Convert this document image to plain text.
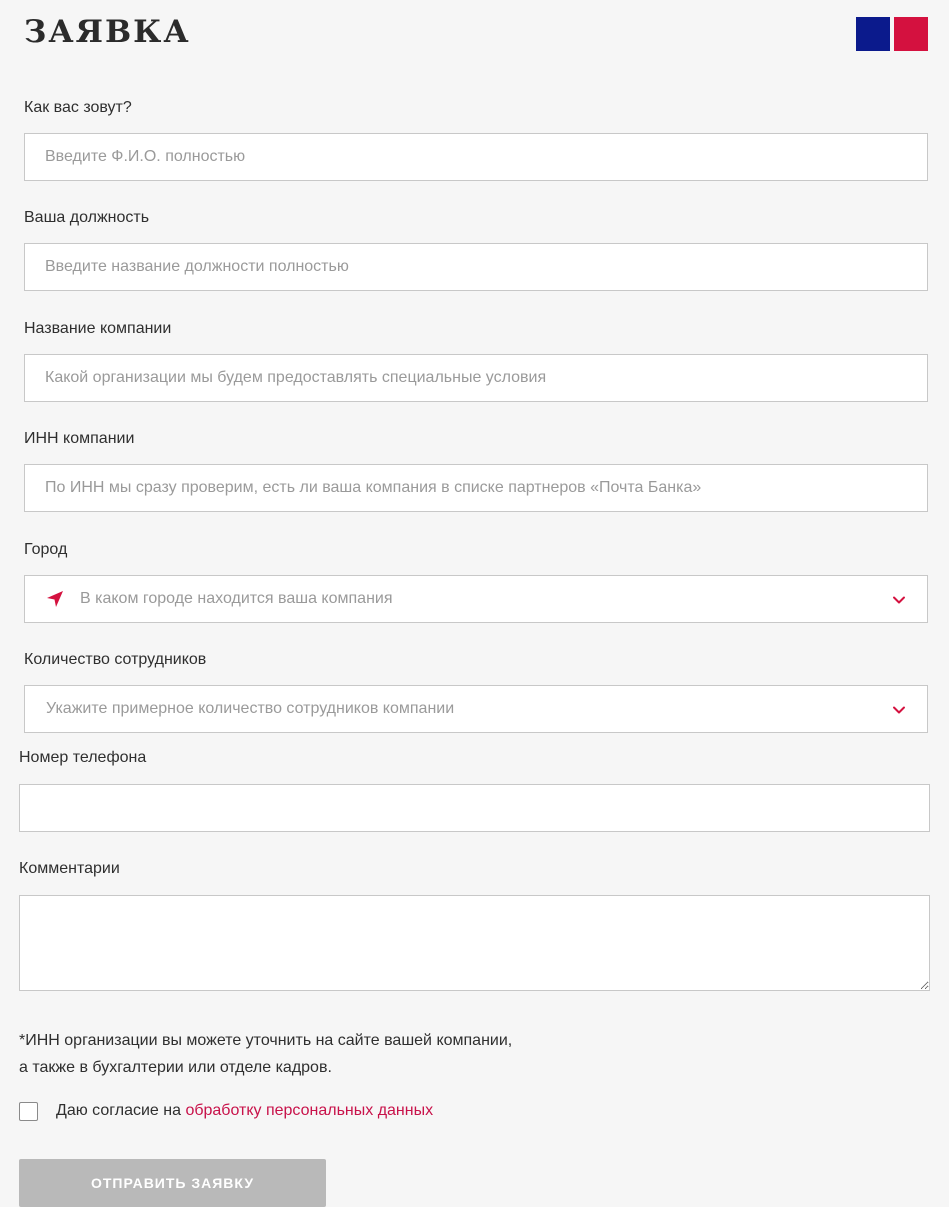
ЗАЯВКА
Как вас зовут?
Введите Ф.И.О. полностью
Ваша должность
Введите название должности полностью
Название компании
Какой организации мы будем предоставлять специальные условия
ИНН компании
По ИНН мы сразу проверим, есть ли ваша компания в списке партнеров «Почта Банка»
Город
В каком городе находится ваша компания
Количество сотрудников
Укажите примерное количество сотрудников компании
Номер телефона
Комментарии

*ИНН организации вы можете уточнить на сайте вашей компании,

а также в бухгалтерии или отделе кадров.

Даю согласие на обработку персональных данных
ОТПРАВИТЬ ЗАЯВКУ
